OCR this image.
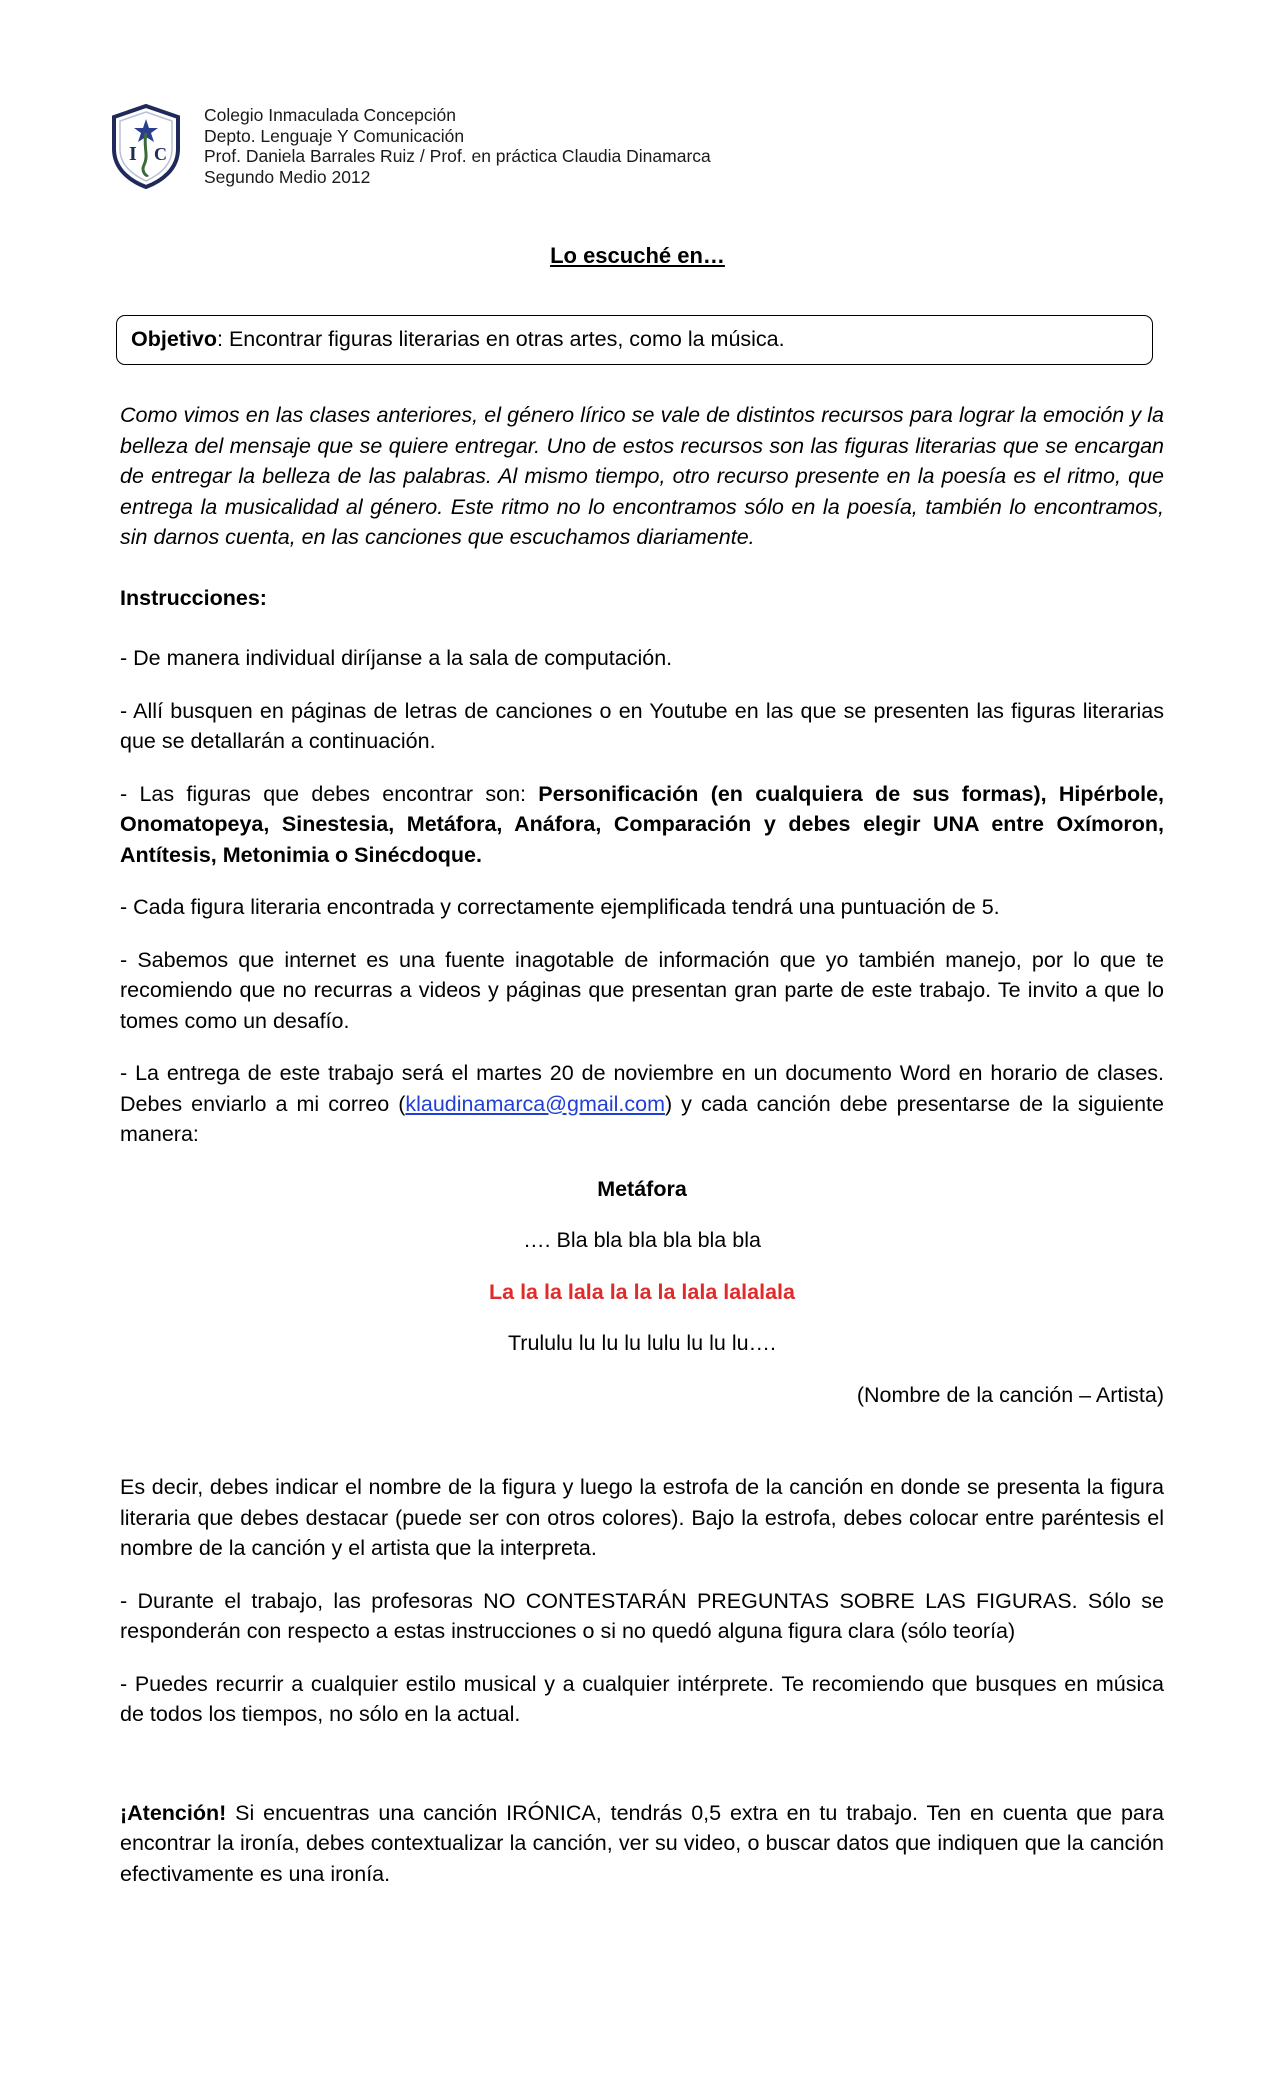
I C
Colegio Inmaculada Concepción
Depto. Lenguaje Y Comunicación
Prof. Daniela Barrales Ruiz / Prof. en práctica Claudia Dinamarca
Segundo Medio 2012
Lo escuché en…
Objetivo: Encontrar figuras literarias en otras artes, como la música.

Como vimos en las clases anteriores, el género lírico se vale de distintos recursos para lograr la emoción y la belleza del mensaje que se quiere entregar. Uno de estos recursos son las figuras literarias que se encargan de entregar la belleza de las palabras. Al mismo tiempo, otro recurso presente en la poesía es el ritmo, que entrega la musicalidad al género. Este ritmo no lo encontramos sólo en la poesía, también lo encontramos, sin darnos cuenta, en las canciones que escuchamos diariamente.

Instrucciones:

- De manera individual diríjanse a la sala de computación.

- Allí busquen en páginas de letras de canciones o en Youtube en las que se presenten las figuras literarias que se detallarán a continuación.

- Las figuras que debes encontrar son: Personificación (en cualquiera de sus formas), Hipérbole, Onomatopeya, Sinestesia, Metáfora, Anáfora, Comparación y debes elegir UNA entre Oxímoron, Antítesis, Metonimia o Sinécdoque.

- Cada figura literaria encontrada y correctamente ejemplificada tendrá una puntuación de 5.

- Sabemos que internet es una fuente inagotable de información que yo también manejo, por lo que te recomiendo que no recurras a videos y páginas que presentan gran parte de este trabajo. Te invito a que lo tomes como un desafío.

- La entrega de este trabajo será el martes 20 de noviembre en un documento Word en horario de clases. Debes enviarlo a mi correo (klaudinamarca@gmail.com) y cada canción debe presentarse de la siguiente manera:

Metáfora
…. Bla bla bla bla bla bla
La la la lala la la la lala lalalala
Trululu lu lu lu lulu lu lu lu….
(Nombre de la canción – Artista)

Es decir, debes indicar el nombre de la figura y luego la estrofa de la canción en donde se presenta la figura literaria que debes destacar (puede ser con otros colores). Bajo la estrofa, debes colocar entre paréntesis el nombre de la canción y el artista que la interpreta.

- Durante el trabajo, las profesoras NO CONTESTARÁN PREGUNTAS SOBRE LAS FIGURAS. Sólo se responderán con respecto a estas instrucciones o si no quedó alguna figura clara (sólo teoría)

- Puedes recurrir a cualquier estilo musical y a cualquier intérprete. Te recomiendo que busques en música de todos los tiempos, no sólo en la actual.

¡Atención! Si encuentras una canción IRÓNICA, tendrás 0,5 extra en tu trabajo. Ten en cuenta que para encontrar la ironía, debes contextualizar la canción, ver su video, o buscar datos que indiquen que la canción efectivamente es una ironía.
